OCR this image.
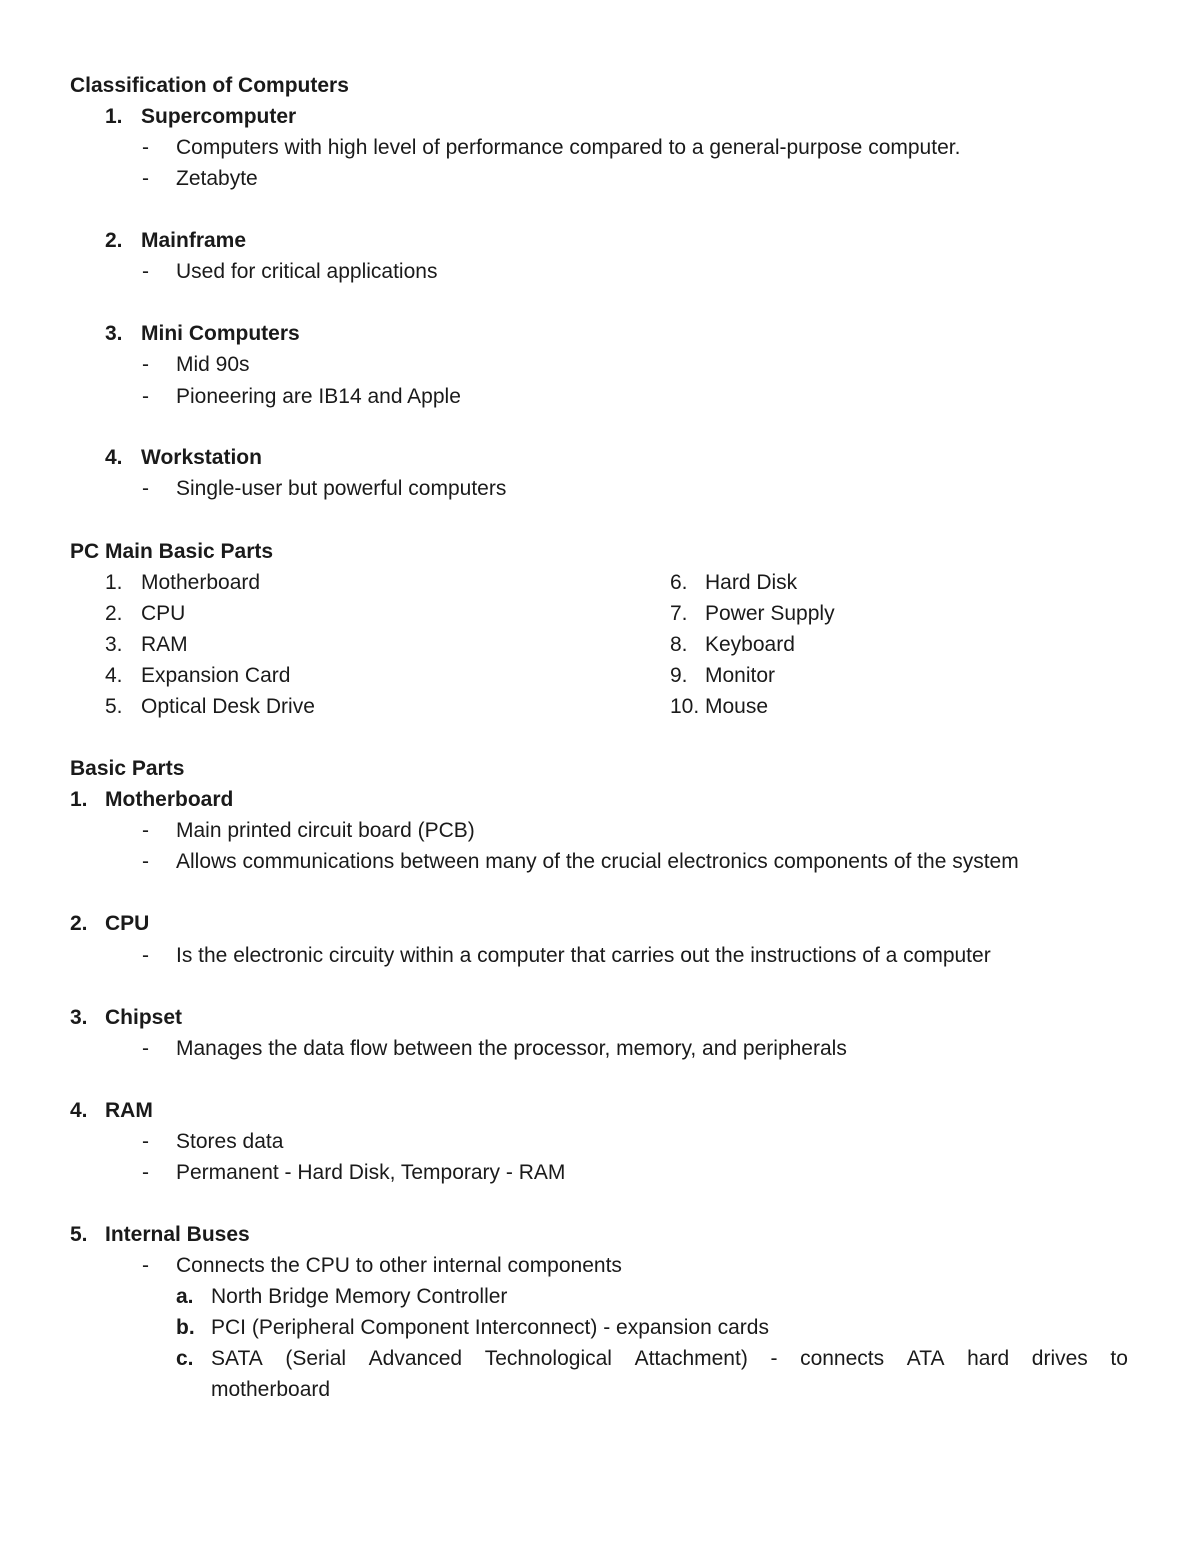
Classification of Computers
1. Supercomputer
- Computers with high level of performance compared to a general-purpose computer.
- Zetabyte
2. Mainframe
- Used for critical applications
3. Mini Computers
- Mid 90s
- Pioneering are IB14 and Apple
4. Workstation
- Single-user but powerful computers
PC Main Basic Parts
1. Motherboard
2. CPU
3. RAM
4. Expansion Card
5. Optical Desk Drive
6. Hard Disk
7. Power Supply
8. Keyboard
9. Monitor
10. Mouse
Basic Parts
1. Motherboard
- Main printed circuit board (PCB)
- Allows communications between many of the crucial electronics components of the system
2. CPU
- Is the electronic circuity within a computer that carries out the instructions of a computer
3. Chipset
- Manages the data flow between the processor, memory, and peripherals
4. RAM
- Stores data
- Permanent - Hard Disk, Temporary - RAM
5. Internal Buses
- Connects the CPU to other internal components
a. North Bridge Memory Controller
b. PCI (Peripheral Component Interconnect) - expansion cards
c. SATA (Serial Advanced Technological Attachment) - connects ATA hard drives to
motherboard
